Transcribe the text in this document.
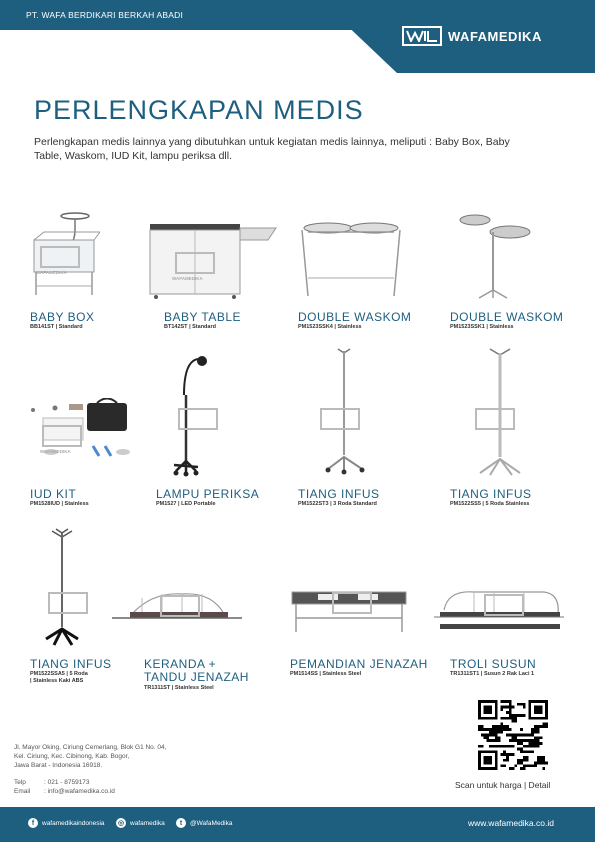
PT. WAFA BERDIKARI BERKAH ABADI
WAFAMEDIKA
PERLENGKAPAN MEDIS
Perlengkapan medis lainnya yang dibutuhkan untuk kegiatan medis lainnya, meliputi : Baby Box, Baby Table, Waskom, IUD Kit, lampu periksa dll.
BABY BOX
BB141ST | Standard
BABY TABLE
BT142ST | Standard
DOUBLE WASKOM
PM1523SSK4 | Stainless
DOUBLE WASKOM
PM1523SSK1 | Stainless
IUD KIT
PM1528IUD | Stainless
LAMPU PERIKSA
PM1527 | LED Portable
TIANG INFUS
PM1522ST3 | 3 Roda Standard
TIANG INFUS
PM1522SS5 | 5 Roda Stainless
TIANG INFUS
PM1522SSA5 | 5 Roda
| Stainless Kaki ABS
KERANDA +
TANDU JENAZAH
TR1311ST | Stainless Steel
PEMANDIAN JENAZAH
PM1514SS | Stainless Steel
TROLI SUSUN
TR1311ST1 | Susun 2 Rak Laci 1
WAFAMEDIKA
WAFAMEDIKA
WAFAMEDIKA
Jl. Mayor Oking, Ciriung Cemerlang, Blok G1 No. 04,
Kel. Ciriung, Kec. Cibinong, Kab. Bogor,
Jawa Barat - Indonesia 16918.
Telp	: 021 - 8759173
Email : info@wafamedika.co.id
Scan untuk harga | Detail
f	wafamedikaindonesia ◎ wafamedika	t	@WafaMedika	www.wafamedika.co.id
